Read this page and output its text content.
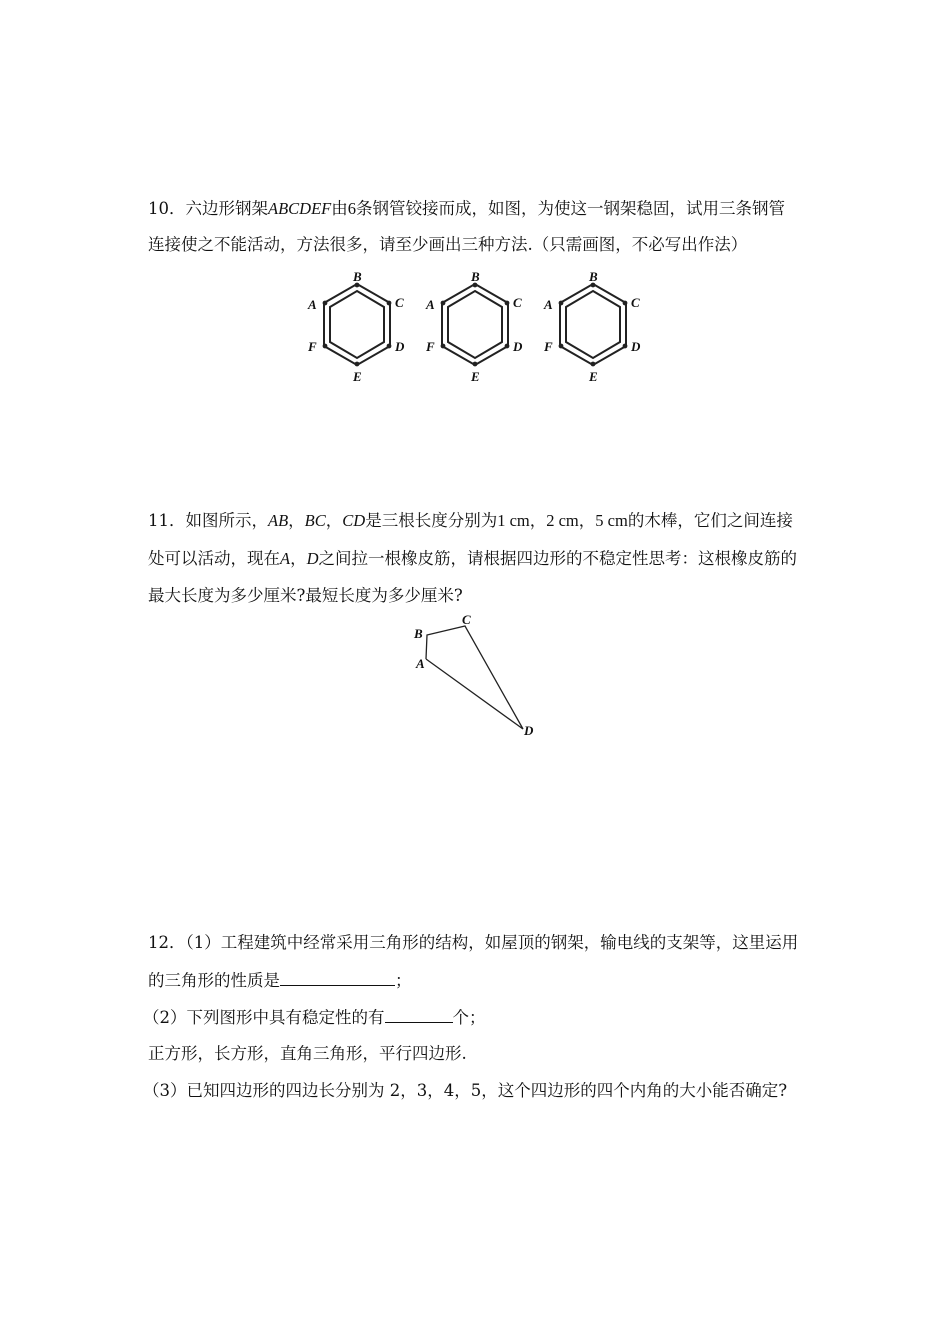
10．六边形钢架ABCDEF由6条钢管铰接而成，如图，为使这一钢架稳固，试用三条钢管
连接使之不能活动，方法很多，请至少画出三种方法.（只需画图，不必写出作法）
B
C
D
E
F
A
B
C
D
E
F
A
B
C
D
E
F
A
11．如图所示，AB，BC，CD是三根长度分别为1 cm，2 cm，5 cm的木棒，它们之间连接
处可以活动，现在A，D之间拉一根橡皮筋，请根据四边形的不稳定性思考：这根橡皮筋的
最大长度为多少厘米?最短长度为多少厘米?
B
C
A
D
12．（1）工程建筑中经常采用三角形的结构，如屋顶的钢架，输电线的支架等，这里运用
的三角形的性质是	；
（2）下列图形中具有稳定性的有	个；
正方形，长方形，直角三角形，平行四边形.
（3）已知四边形的四边长分别为 2，3，4，5，这个四边形的四个内角的大小能否确定?
